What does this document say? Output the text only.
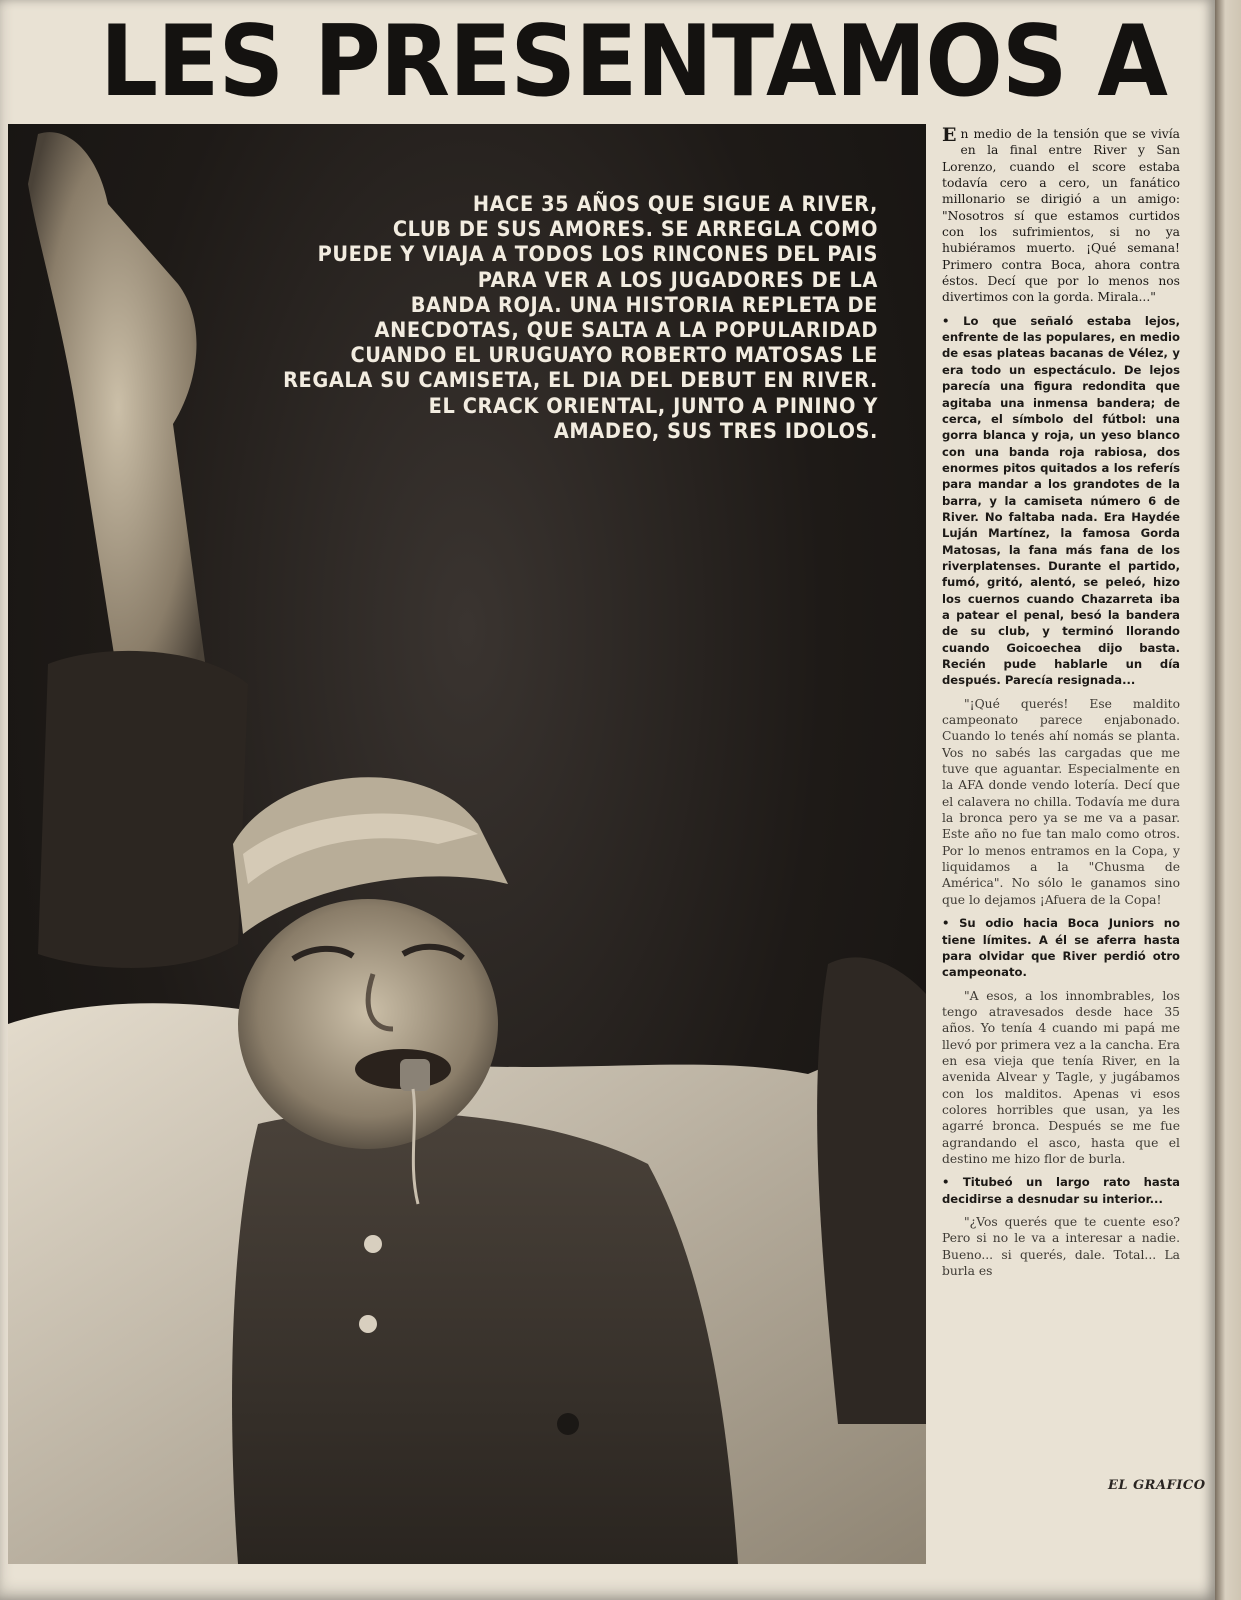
LES PRESENTAMOS A
HACE 35 AÑOS QUE SIGUE A RIVER,
CLUB DE SUS AMORES. SE ARREGLA COMO
PUEDE Y VIAJA A TODOS LOS RINCONES DEL PAIS
PARA VER A LOS JUGADORES DE LA
BANDA ROJA. UNA HISTORIA REPLETA DE
ANECDOTAS, QUE SALTA A LA POPULARIDAD
CUANDO EL URUGUAYO ROBERTO MATOSAS LE
REGALA SU CAMISETA, EL DIA DEL DEBUT EN RIVER.
EL CRACK ORIENTAL, JUNTO A PININO Y
AMADEO, SUS TRES IDOLOS.

En medio de la tensión que se vivía en la final entre River y San Lorenzo, cuando el score estaba todavía cero a cero, un fanático millonario se dirigió a un amigo: "Nosotros sí que estamos curtidos con los sufrimientos, si no ya hubiéramos muerto. ¡Qué semana! Primero contra Boca, ahora contra éstos. Decí que por lo menos nos divertimos con la gorda. Mirala..."

• Lo que señaló estaba lejos, enfrente de las populares, en medio de esas plateas bacanas de Vélez, y era todo un espectáculo. De lejos parecía una figura redondita que agitaba una inmensa bandera; de cerca, el símbolo del fútbol: una gorra blanca y roja, un yeso blanco con una banda roja rabiosa, dos enormes pitos quitados a los referís para mandar a los grandotes de la barra, y la camiseta número 6 de River. No faltaba nada. Era Haydée Luján Martínez, la famosa Gorda Matosas, la fana más fana de los riverplatenses. Durante el partido, fumó, gritó, alentó, se peleó, hizo los cuernos cuando Chazarreta iba a patear el penal, besó la bandera de su club, y terminó llorando cuando Goicoechea dijo basta. Recién pude hablarle un día después. Parecía resignada...

"¡Qué querés! Ese maldito campeonato parece enjabonado. Cuando lo tenés ahí nomás se planta. Vos no sabés las cargadas que me tuve que aguantar. Especialmente en la AFA donde vendo lotería. Decí que el calavera no chilla. Todavía me dura la bronca pero ya se me va a pasar. Este año no fue tan malo como otros. Por lo menos entramos en la Copa, y liquidamos a la "Chusma de América". No sólo le ganamos sino que lo dejamos ¡Afuera de la Copa!

• Su odio hacia Boca Juniors no tiene límites. A él se aferra hasta para olvidar que River perdió otro campeonato.

"A esos, a los innombrables, los tengo atravesados desde hace 35 años. Yo tenía 4 cuando mi papá me llevó por primera vez a la cancha. Era en esa vieja que tenía River, en la avenida Alvear y Tagle, y jugábamos con los malditos. Apenas vi esos colores horribles que usan, ya les agarré bronca. Después se me fue agrandando el asco, hasta que el destino me hizo flor de burla.

• Titubeó un largo rato hasta decidirse a desnudar su interior...

"¿Vos querés que te cuente eso? Pero si no le va a interesar a nadie. Bueno... si querés, dale. Total... La burla es

EL GRAFICO
